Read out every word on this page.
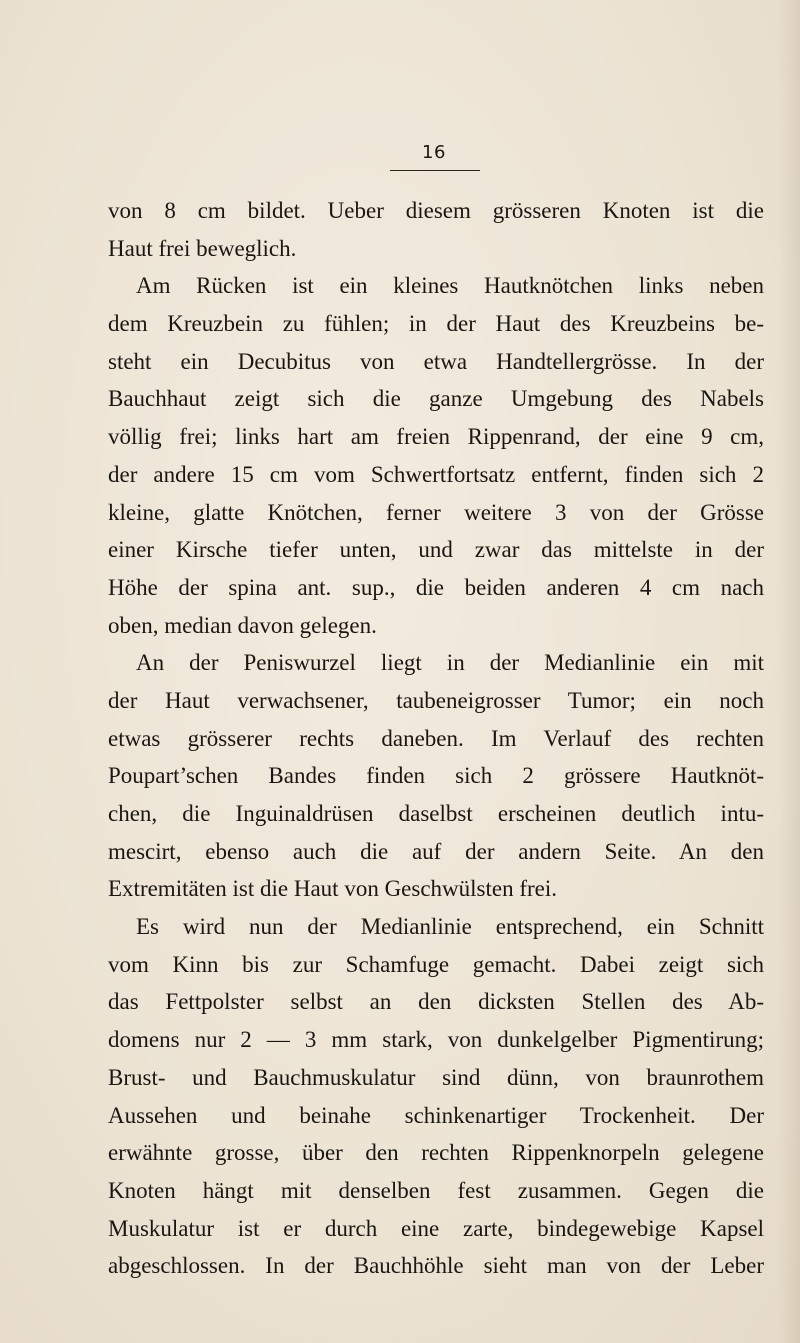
16
von 8 cm bildet. Ueber diesem grösseren Knoten ist die
Haut frei beweglich.
Am Rücken ist ein kleines Hautknötchen links neben
dem Kreuzbein zu fühlen; in der Haut des Kreuzbeins be-
steht ein Decubitus von etwa Handtellergrösse. In der
Bauchhaut zeigt sich die ganze Umgebung des Nabels
völlig frei; links hart am freien Rippenrand, der eine 9 cm,
der andere 15 cm vom Schwertfortsatz entfernt, finden sich 2
kleine, glatte Knötchen, ferner weitere 3 von der Grösse
einer Kirsche tiefer unten, und zwar das mittelste in der
Höhe der spina ant. sup., die beiden anderen 4 cm nach
oben, median davon gelegen.
An der Peniswurzel liegt in der Medianlinie ein mit
der Haut verwachsener, taubeneigrosser Tumor; ein noch
etwas grösserer rechts daneben. Im Verlauf des rechten
Poupart’schen Bandes finden sich 2 grössere Hautknöt-
chen, die Inguinaldrüsen daselbst erscheinen deutlich intu-
mescirt, ebenso auch die auf der andern Seite. An den
Extremitäten ist die Haut von Geschwülsten frei.
Es wird nun der Medianlinie entsprechend, ein Schnitt
vom Kinn bis zur Schamfuge gemacht. Dabei zeigt sich
das Fettpolster selbst an den dicksten Stellen des Ab-
domens nur 2 — 3 mm stark, von dunkelgelber Pigmentirung;
Brust- und Bauchmuskulatur sind dünn, von braunrothem
Aussehen und beinahe schinkenartiger Trockenheit. Der
erwähnte grosse, über den rechten Rippenknorpeln gelegene
Knoten hängt mit denselben fest zusammen. Gegen die
Muskulatur ist er durch eine zarte, bindegewebige Kapsel
abgeschlossen. In der Bauchhöhle sieht man von der Leber
